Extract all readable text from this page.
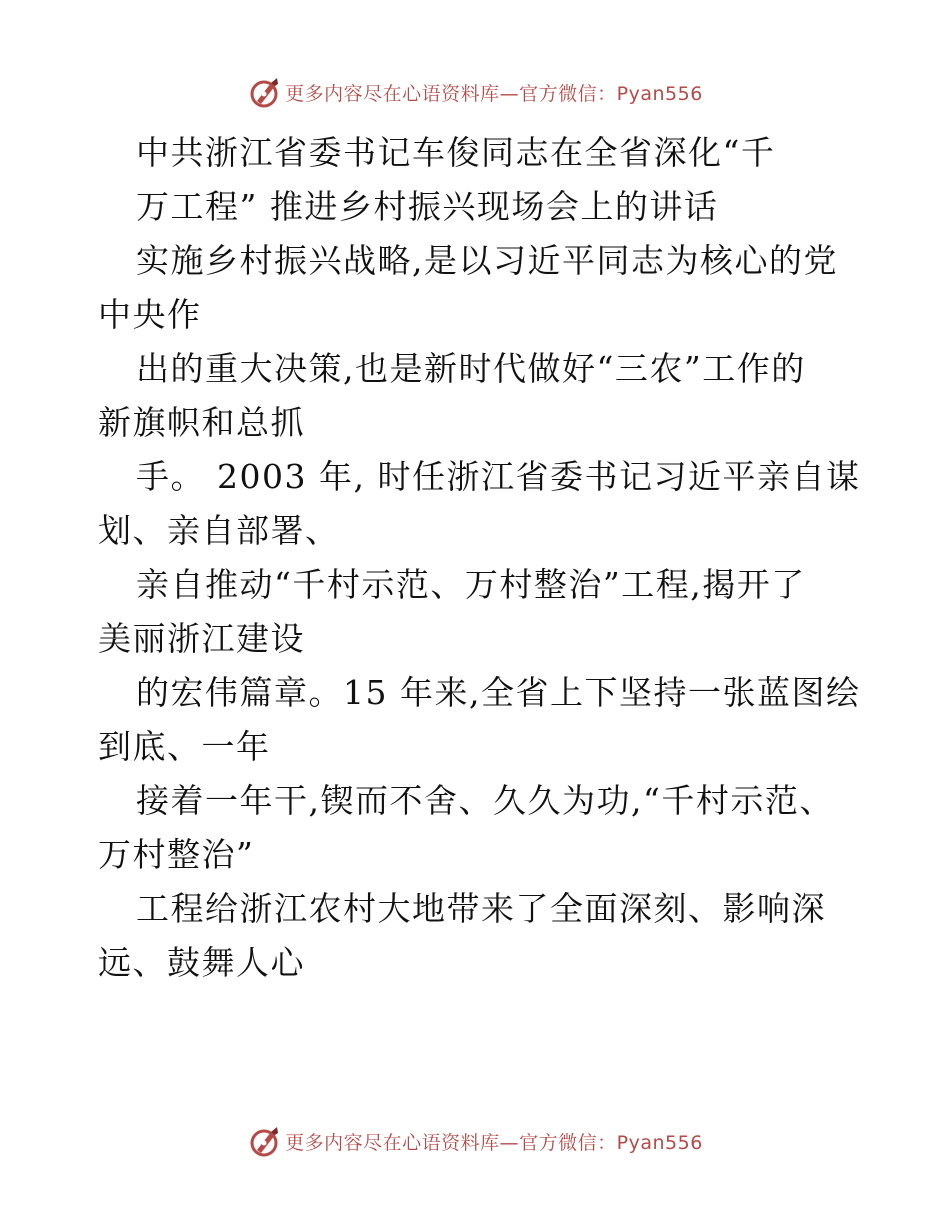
更多内容尽在心语资料库—官方微信：Pyan556
中共浙江省委书记车俊同志在全省深化“千
万工程” 推进乡村振兴现场会上的讲话
实施乡村振兴战略,是以习近平同志为核心的党
中央作
出的重大决策,也是新时代做好“三农”工作的
新旗帜和总抓
手。 2003 年, 时任浙江省委书记习近平亲自谋
划、亲自部署、
亲自推动“千村示范、万村整治”工程,揭开了
美丽浙江建设
的宏伟篇章。15 年来,全省上下坚持一张蓝图绘
到底、一年
接着一年干,锲而不舍、久久为功,“千村示范、
万村整治”
工程给浙江农村大地带来了全面深刻、影响深
远、鼓舞人心
更多内容尽在心语资料库—官方微信：Pyan556
